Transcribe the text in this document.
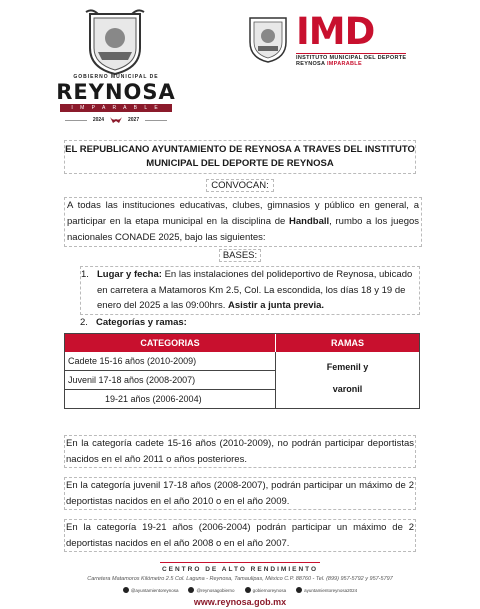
GOBIERNO MUNICIPAL DE
REYNOSA
I M P A R A B L E
2024	2027
IMD
INSTITUTO MUNICIPAL DEL DEPORTE
REYNOSA IMPARABLE
EL REPUBLICANO AYUNTAMIENTO DE REYNOSA A TRAVES DEL INSTITUTO
MUNICIPAL DEL DEPORTE DE REYNOSA
CONVOCAN:
A todas las instituciones educativas, clubes, gimnasios y público en general, a participar en la etapa municipal en la disciplina de Handball, rumbo a los juegos nacionales CONADE 2025, bajo las siguientes:
BASES:
1. Lugar y fecha: En las instalaciones del polideportivo de Reynosa, ubicado en carretera a Matamoros Km 2.5, Col. La escondida, los días 18 y 19 de enero del 2025 a las 09:00hrs. Asistir a junta previa.
2. Categorías y ramas:
CATEGORIAS	RAMAS
Cadete 15-16 años (2010-2009)
Juvenil 17-18 años (2008-2007)
19-21 años (2006-2004)
Femenil y
varonil
En la categoría cadete 15-16 años (2010-2009), no podrán participar deportistas nacidos en el año 2011 o años posteriores.
En la categoría juvenil 17-18 años (2008-2007), podrán participar un máximo de 2 deportistas nacidos en el año 2010 o en el año 2009.
En la categoría 19-21 años (2006-2004) podrán participar un máximo de 2 deportistas nacidos en el año 2008 o en el año 2007.
CENTRO DE ALTO RENDIMIENTO
Carretera Matamoros Kilómetro 2.5 Col. Laguna - Reynosa, Tamaulipas, México C.P. 88760 - Tel. (899) 957-5792 y 957-5797
@ayuntamientoreynosa	@reynosagobierno	gobiernoreynosa	ayuntamientoreynosa2024
www.reynosa.gob.mx
